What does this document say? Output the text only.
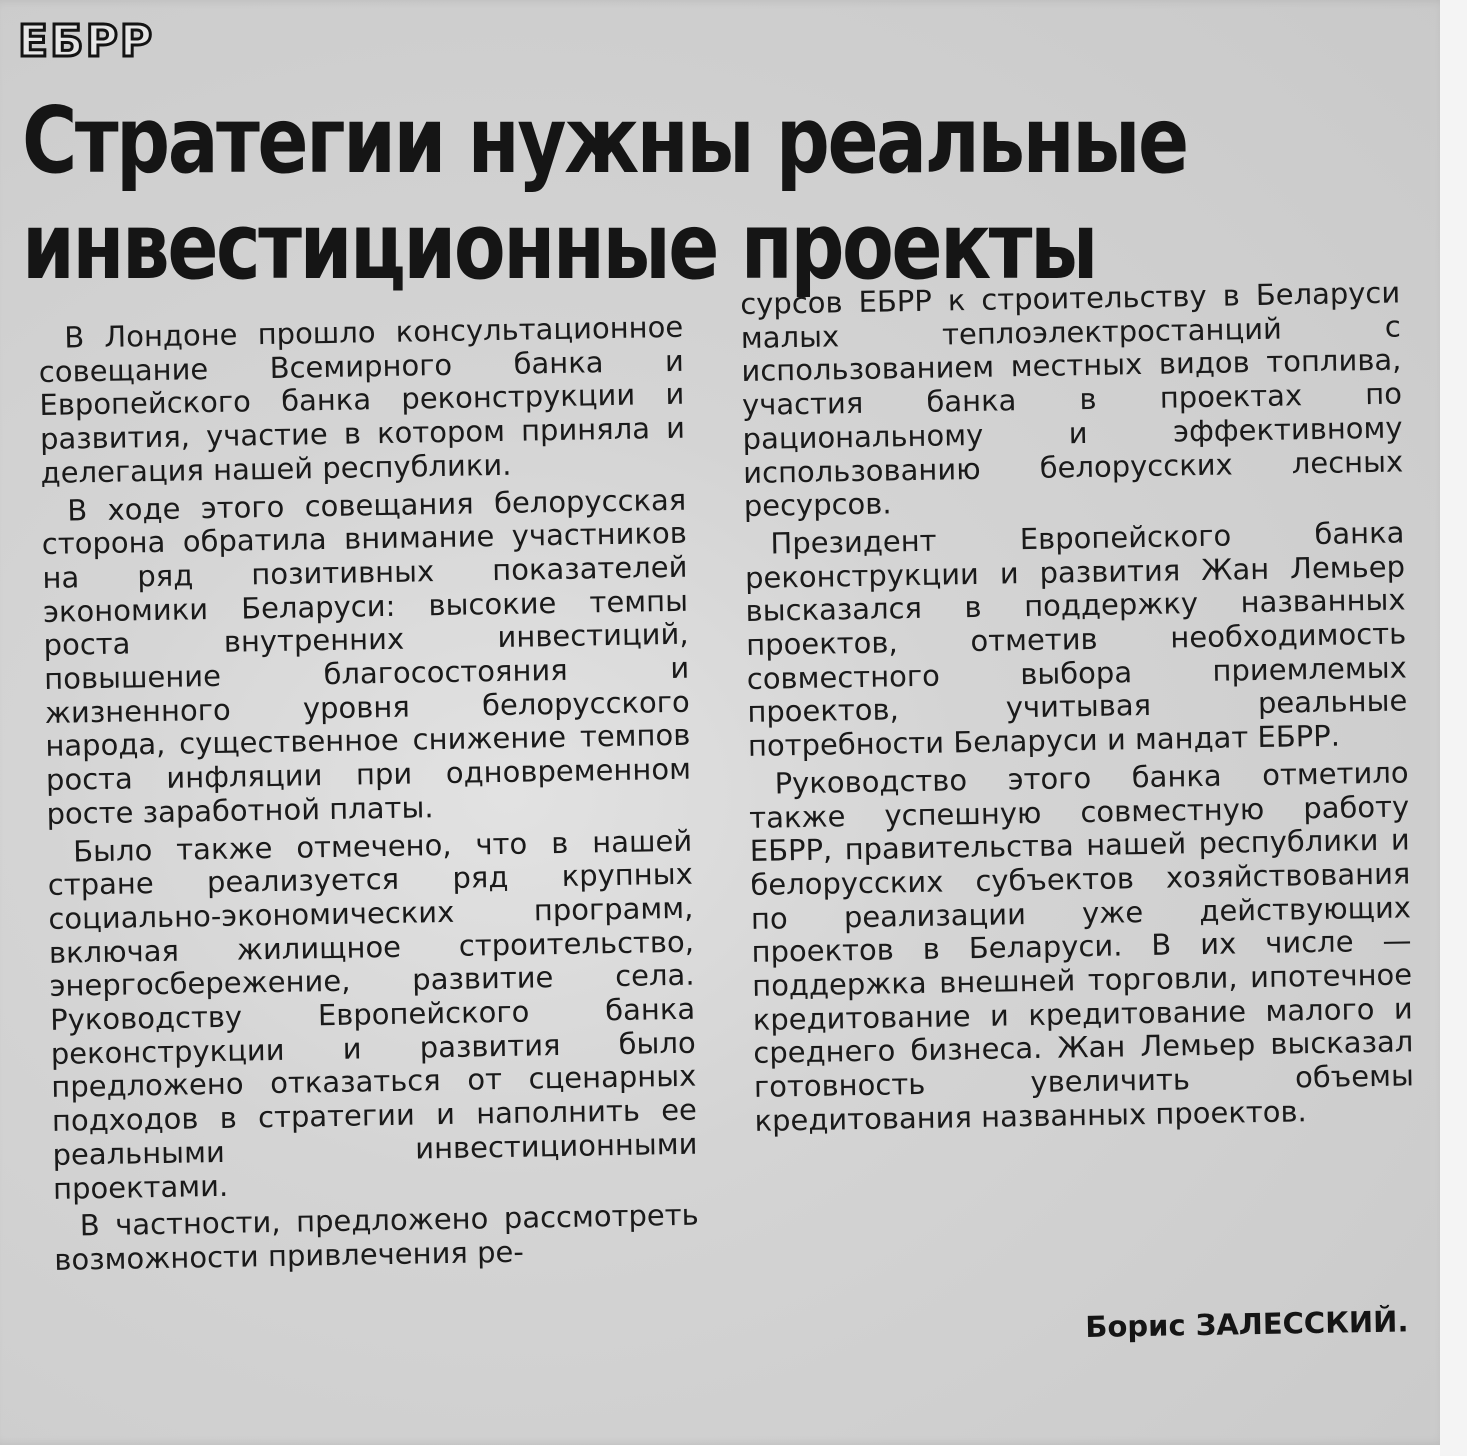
ЕБРР
Стратегии нужны реальные
инвестиционные проекты

В Лондоне прошло консультационное совещание Всемирного банка и Европейского банка реконструкции и развития, участие в котором приняла и делегация нашей республики.

В ходе этого совещания белорусская сторона обратила внимание участников на ряд позитивных показателей экономики Беларуси: высокие темпы роста внутренних инвестиций, повышение благосостояния и жизненного уровня белорусского народа, существенное снижение темпов роста инфляции при одновременном росте заработной платы.

Было также отмечено, что в нашей стране реализуется ряд крупных социально-экономических программ, включая жилищное строительство, энергосбережение, развитие села. Руководству Европейского банка реконструкции и развития было предложено отказаться от сценарных подходов в стратегии и наполнить ее реальными инвестиционными проектами.

В частности, предложено рассмотреть возможности привлечения ре-

сурсов ЕБРР к строительству в Беларуси малых теплоэлектростанций с использованием местных видов топлива, участия банка в проектах по рациональному и эффективному использованию белорусских лесных ресурсов.

Президент Европейского банка реконструкции и развития Жан Лемьер высказался в поддержку названных проектов, отметив необходимость совместного выбора приемлемых проектов, учитывая реальные потребности Беларуси и мандат ЕБРР.

Руководство этого банка отметило также успешную совместную работу ЕБРР, правительства нашей республики и белорусских субъектов хозяйствования по реализации уже действующих проектов в Беларуси. В их числе — поддержка внешней торговли, ипотечное кредитование и кредитование малого и среднего бизнеса. Жан Лемьер высказал готовность увеличить объемы кредитования названных проектов.

Борис ЗАЛЕССКИЙ.
